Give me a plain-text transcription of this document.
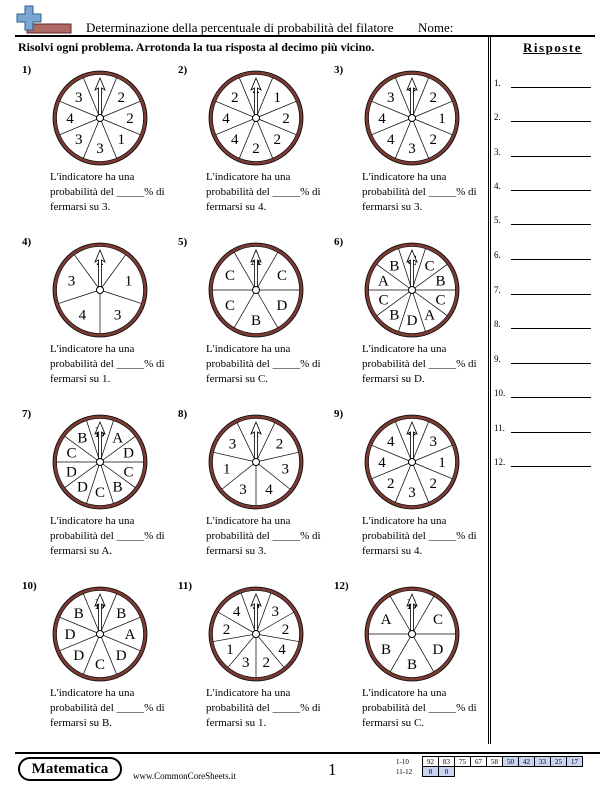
Determinazione della percentuale di probabilità del filatore Nome:
Risolvi ogni problema. Arrotonda la tua risposta al decimo più vicino.	Risposte
1.
2.
3.
4.
5.
6.
7.
8.
9.
10.
11.
12.
1)
2
2
1
3
3
4
3
L'indicatore ha una
probabilità del _____% di
fermarsi su 3.
2)
1
2
2
2
4
4
2
L'indicatore ha una
probabilità del _____% di
fermarsi su 4.
3)
2
1
2
3
4
4
3
L'indicatore ha una
probabilità del _____% di
fermarsi su 3.
4)
1
3
4
3
L'indicatore ha una
probabilità del _____% di
fermarsi su 1.
5)
C
D
B
C
C
L'indicatore ha una
probabilità del _____% di
fermarsi su C.
6)
C
B
C
A
D
B
C
A
B
L'indicatore ha una
probabilità del _____% di
fermarsi su D.
7)
A
D
C
B
C
D
D
C
B
L'indicatore ha una
probabilità del _____% di
fermarsi su A.
8)
2
3
4
3
1
3
L'indicatore ha una
probabilità del _____% di
fermarsi su 3.
9)
3
1
2
3
2
4
4
L'indicatore ha una
probabilità del _____% di
fermarsi su 4.
10)
B
A
D
C
D
D
B
L'indicatore ha una
probabilità del _____% di
fermarsi su B.
11)
3
2
4
2
3
1
2
4
L'indicatore ha una
probabilità del _____% di
fermarsi su 1.
12)
C
D
B
B
A
L'indicatore ha una
probabilità del _____% di
fermarsi su C.
Matematica	www.CommonCoreSheets.it	1	1-10	92	83	75	67	58	50	42	33	25	17
11-12	8	0								
